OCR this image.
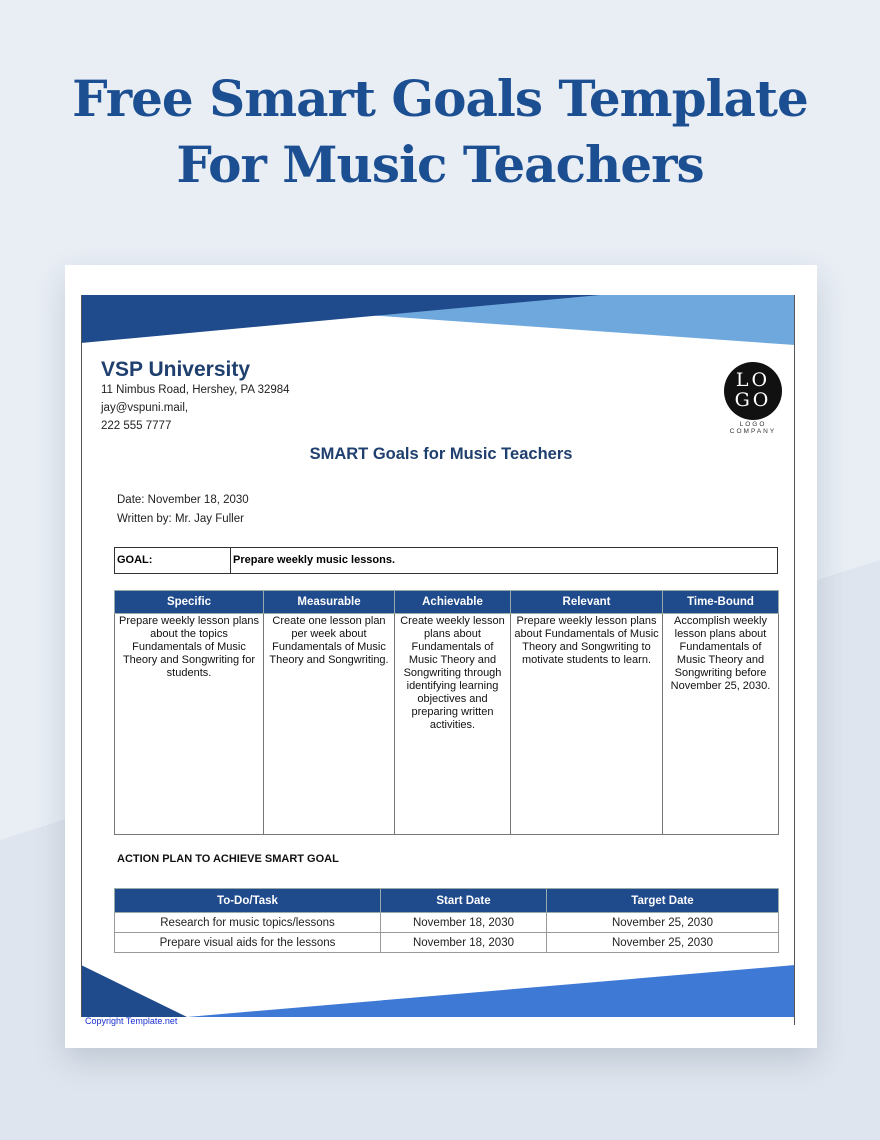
Free Smart Goals Template
For Music Teachers
VSP University
11 Nimbus Road, Hershey, PA 32984
jay@vspuni.mail,
222 555 7777
LO
GO
LOGO COMPANY
SMART Goals for Music Teachers
Date: November 18, 2030
Written by: Mr. Jay Fuller
GOAL:	Prepare weekly music lessons.
Specific	Measurable	Achievable	Relevant	Time-Bound
Prepare weekly lesson plans about the topics Fundamentals of Music Theory and Songwriting for students.	Create one lesson plan per week about Fundamentals of Music Theory and Songwriting.	Create weekly lesson plans about Fundamentals of Music Theory and Songwriting through identifying learning objectives and preparing written activities.	Prepare weekly lesson plans about Fundamentals of Music Theory and Songwriting to motivate students to learn.	Accomplish weekly lesson plans about Fundamentals of Music Theory and Songwriting before November 25, 2030.
ACTION PLAN TO ACHIEVE SMART GOAL
To-Do/Task	Start Date	Target Date
Research for music topics/lessons	November 18, 2030	November 25, 2030
Prepare visual aids for the lessons	November 18, 2030	November 25, 2030
Copyright Template.net
